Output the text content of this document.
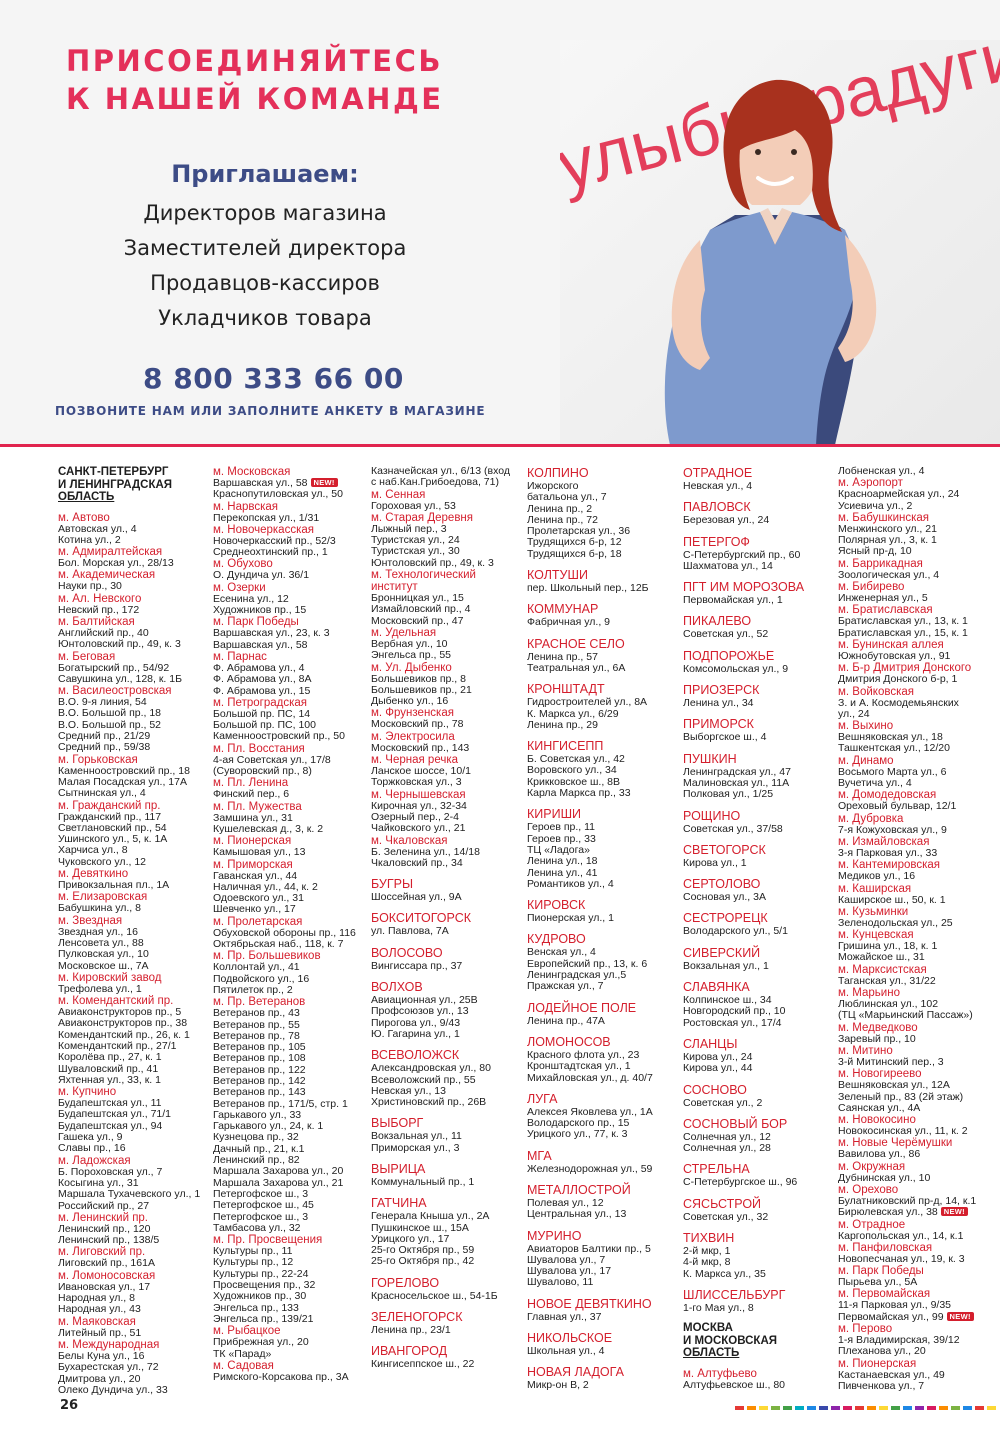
ПРИСОЕДИНЯЙТЕСЬ
К НАШЕЙ КОМАНДЕ
Приглашаем:
Директоров магазина
Заместителей директора
Продавцов-кассиров
Укладчиков товара
8 800 333 66 00
ПОЗВОНИТЕ НАМ ИЛИ ЗАПОЛНИТЕ АНКЕТУ В МАГАЗИНЕ
улыбка радуги
САНКТ-ПЕТЕРБУРГ
И ЛЕНИНГРАДСКАЯ
ОБЛАСТЬ
м. Автово
Автовская ул., 4
Котина ул., 2
м. Адмиралтейская
Бол. Морская ул., 28/13
м. Академическая
Науки пр., 30
м. Ал. Невского
Невский пр., 172
м. Балтийская
Английский пр., 40
Юнтоловский пр., 49, к. 3
м. Беговая
Богатырский пр., 54/92
Савушкина ул., 128, к. 1Б
м. Василеостровская
В.О. 9-я линия, 54
В.О. Большой пр., 18
В.О. Большой пр., 52
Средний пр., 21/29
Средний пр., 59/38
м. Горьковская
Каменноостровский пр., 18
Малая Посадская ул., 17А
Сытнинская ул., 4
м. Гражданский пр.
Гражданский пр., 117
Светлановский пр., 54
Ушинского ул., 5, к. 1А
Харчиса ул., 8
Чуковского ул., 12
м. Девяткино
Привокзальная пл., 1А
м. Елизаровская
Бабушкина ул., 8
м. Звездная
Звездная ул., 16
Ленсовета ул., 88
Пулковская ул., 10
Московское ш., 7А
м. Кировский завод
Трефолева ул., 1
м. Комендантский пр.
Авиаконструкторов пр., 5
Авиаконструкторов пр., 38
Комендантский пр., 26, к. 1
Комендантский пр., 27/1
Королёва пр., 27, к. 1
Шуваловский пр., 41
Яхтенная ул., 33, к. 1
м. Купчино
Будапештская ул., 11
Будапештская ул., 71/1
Будапештская ул., 94
Гашека ул., 9
Славы пр., 16
м. Ладожская
Б. Пороховская ул., 7
Косыгина ул., 31
Маршала Тухачевского ул., 1
Российский пр., 27
м. Ленинский пр.
Ленинский пр., 120
Ленинский пр., 138/5
м. Лиговский пр.
Лиговский пр., 161А
м. Ломоносовская
Ивановская ул., 17
Народная ул., 8
Народная ул., 43
м. Маяковская
Литейный пр., 51
м. Международная
Белы Куна ул., 16
Бухарестская ул., 72
Дмитрова ул., 20
Олеко Дундича ул., 33
м. Московская
Варшавская ул., 58 NEW!
Краснопутиловская ул., 50
м. Нарвская
Перекопская ул., 1/31
м. Новочеркасская
Новочеркасский пр., 52/3
Среднеохтинский пр., 1
м. Обухово
О. Дундича ул. 36/1
м. Озерки
Есенина ул., 12
Художников пр., 15
м. Парк Победы
Варшавская ул., 23, к. 3
Варшавская ул., 58
м. Парнас
Ф. Абрамова ул., 4
Ф. Абрамова ул., 8А
Ф. Абрамова ул., 15
м. Петроградская
Большой пр. ПС, 14
Большой пр. ПС, 100
Каменноостровский пр., 50
м. Пл. Восстания
4-ая Советская ул., 17/8
(Суворовский пр., 8)
м. Пл. Ленина
Финский пер., 6
м. Пл. Мужества
Замшина ул., 31
Кушелевская д., 3, к. 2
м. Пионерская
Камышовая ул., 13
м. Приморская
Гаванская ул., 44
Наличная ул., 44, к. 2
Одоевского ул., 31
Шевченко ул., 17
м. Пролетарская
Обуховской обороны пр., 116
Октябрьская наб., 118, к. 7
м. Пр. Большевиков
Коллонтай ул., 41
Подвойского ул., 16
Пятилеток пр., 2
м. Пр. Ветеранов
Ветеранов пр., 43
Ветеранов пр., 55
Ветеранов пр., 78
Ветеранов пр., 105
Ветеранов пр., 108
Ветеранов пр., 122
Ветеранов пр., 142
Ветеранов пр., 143
Ветеранов пр., 171/5, стр. 1
Гарькавого ул., 33
Гарькавого ул., 24, к. 1
Кузнецова пр., 32
Дачный пр., 21, к.1
Ленинский пр., 82
Маршала Захарова ул., 20
Маршала Захарова ул., 21
Петергофское ш., 3
Петергофское ш., 45
Петергофское ш., 3
Тамбасова ул., 32
м. Пр. Просвещения
Культуры пр., 11
Культуры пр., 12
Культуры пр., 22-24
Просвещения пр., 32
Художников пр., 30
Энгельса пр., 133
Энгельса пр., 139/21
м. Рыбацкое
Прибрежная ул., 20
ТК «Парад»
м. Садовая
Римского-Корсакова пр., 3А
Казначейская ул., 6/13 (вход
с наб.Кан.Грибоедова, 71)
м. Сенная
Гороховая ул., 53
м. Старая Деревня
Лыжный пер., 3
Туристская ул., 24
Туристская ул., 30
Юнтоловский пр., 49, к. 3
м. Технологический
институт
Бронницкая ул., 15
Измайловский пр., 4
Московский пр., 47
м. Удельная
Вербная ул., 10
Энгельса пр., 55
м. Ул. Дыбенко
Большевиков пр., 8
Большевиков пр., 21
Дыбенко ул., 16
м. Фрунзенская
Московский пр., 78
м. Электросила
Московский пр., 143
м. Черная речка
Ланское шоссе, 10/1
Торжковская ул., 3
м. Чернышевская
Кирочная ул., 32-34
Озерный пер., 2-4
Чайковского ул., 21
м. Чкаловская
Б. Зеленина ул., 14/18
Чкаловский пр., 34
БУГРЫ
Шоссейная ул., 9А
БОКСИТОГОРСК
ул. Павлова, 7А
ВОЛОСОВО
Вингиссара пр., 37
ВОЛХОВ
Авиационная ул., 25В
Профсоюзов ул., 13
Пирогова ул., 9/43
Ю. Гагарина ул., 1
ВСЕВОЛОЖСК
Александровская ул., 80
Всеволожский пр., 55
Невская ул., 13
Христиновский пр., 26В
ВЫБОРГ
Вокзальная ул., 11
Приморская ул., 3
ВЫРИЦА
Коммунальный пр., 1
ГАТЧИНА
Генерала Кныша ул., 2А
Пушкинское ш., 15А
Урицкого ул., 17
25-го Октября пр., 59
25-го Октября пр., 42
ГОРЕЛОВО
Красносельское ш., 54-1Б
ЗЕЛЕНОГОРСК
Ленина пр., 23/1
ИВАНГОРОД
Кингисеппское ш., 22
КОЛПИНО
Ижорского
батальона ул., 7
Ленина пр., 2
Ленина пр., 72
Пролетарская ул., 36
Трудящихся б-р, 12
Трудящихся б-р, 18
КОЛТУШИ
пер. Школьный пер., 12Б
КОММУНАР
Фабричная ул., 9
КРАСНОЕ СЕЛО
Ленина пр., 57
Театральная ул., 6А
КРОНШТАДТ
Гидростроителей ул., 8А
К. Маркса ул., 6/29
Ленина пр., 29
КИНГИСЕПП
Б. Советская ул., 42
Воровского ул., 34
Крикковское ш., 8В
Карла Маркса пр., 33
КИРИШИ
Героев пр., 11
Героев пр., 33
ТЦ «Ладога»
Ленина ул., 18
Ленина ул., 41
Романтиков ул., 4
КИРОВСК
Пионерская ул., 1
КУДРОВО
Венская ул., 4
Европейский пр., 13, к. 6
Ленинградская ул.,5
Пражская ул., 7
ЛОДЕЙНОЕ ПОЛЕ
Ленина пр., 47А
ЛОМОНОСОВ
Красного флота ул., 23
Кронштадтская ул., 1
Михайловская ул., д. 40/7
ЛУГА
Алексея Яковлева ул., 1А
Володарского пр., 15
Урицкого ул., 77, к. 3
МГА
Железнодорожная ул., 59
МЕТАЛЛОСТРОЙ
Полевая ул., 12
Центральная ул., 13
МУРИНО
Авиаторов Балтики пр., 5
Шувалова ул., 7
Шувалова ул., 17
Шувалово, 11
НОВОЕ ДЕВЯТКИНО
Главная ул., 37
НИКОЛЬСКОЕ
Школьная ул., 4
НОВАЯ ЛАДОГА
Микр-он В, 2
ОТРАДНОЕ
Невская ул., 4
ПАВЛОВСК
Березовая ул., 24
ПЕТЕРГОФ
С-Петербургский пр., 60
Шахматова ул., 14
ПГТ ИМ МОРОЗОВА
Первомайская ул., 1
ПИКАЛЕВО
Советская ул., 52
ПОДПОРОЖЬЕ
Комсомольская ул., 9
ПРИОЗЕРСК
Ленина ул., 34
ПРИМОРСК
Выборгское ш., 4
ПУШКИН
Ленинградская ул., 47
Малиновская ул., 11А
Полковая ул., 1/25
РОЩИНО
Советская ул., 37/58
СВЕТОГОРСК
Кирова ул., 1
СЕРТОЛОВО
Сосновая ул., 3А
СЕСТРОРЕЦК
Володарского ул., 5/1
СИВЕРСКИЙ
Вокзальная ул., 1
СЛАВЯНКА
Колпинское ш., 34
Новгородский пр., 10
Ростовская ул., 17/4
СЛАНЦЫ
Кирова ул., 24
Кирова ул., 44
СОСНОВО
Советская ул., 2
СОСНОВЫЙ БОР
Солнечная ул., 12
Солнечная ул., 28
СТРЕЛЬНА
С-Петербургское ш., 96
СЯСЬСТРОЙ
Советская ул., 32
ТИХВИН
2-й мкр, 1
4-й мкр, 8
К. Маркса ул., 35
ШЛИССЕЛЬБУРГ
1-го Мая ул., 8
МОСКВА
И МОСКОВСКАЯ
ОБЛАСТЬ
м. Алтуфьево
Алтуфьевское ш., 80
Лобненская ул., 4
м. Аэропорт
Красноармейская ул., 24
Усиевича ул., 2
м. Бабушкинская
Менжинского ул., 21
Полярная ул., 3, к. 1
Ясный пр-д, 10
м. Баррикадная
Зоологическая ул., 4
м. Бибирево
Инженерная ул., 5
м. Братиславская
Братиславская ул., 13, к. 1
Братиславская ул., 15, к. 1
м. Бунинская аллея
Южнобутовская ул., 91
м. Б-р Дмитрия Донского
Дмитрия Донского б-р, 1
м. Войковская
З. и А. Космодемьянских
ул., 24
м. Выхино
Вешняковская ул., 18
Ташкентская ул., 12/20
м. Динамо
Восьмого Марта ул., 6
Вучетича ул., 4
м. Домодедовская
Ореховый бульвар, 12/1
м. Дубровка
7-я Кожуховская ул., 9
м. Измайловская
3-я Парковая ул., 33
м. Кантемировская
Медиков ул., 16
м. Каширская
Каширское ш., 50, к. 1
м. Кузьминки
Зеленодольская ул., 25
м. Кунцевская
Гришина ул., 18, к. 1
Можайское ш., 31
м. Марксистская
Таганская ул., 31/22
м. Марьино
Люблинская ул., 102
(ТЦ «Марьинский Пассаж»)
м. Медведково
Заревый пр., 10
м. Митино
3-й Митинский пер., 3
м. Новогиреево
Вешняковская ул., 12А
Зеленый пр., 83 (2й этаж)
Саянская ул., 4А
м. Новокосино
Новокосинская ул., 11, к. 2
м. Новые Черёмушки
Вавилова ул., 86
м. Окружная
Дубнинская ул., 10
м. Орехово
Булатниковский пр-д, 14, к.1
Бирюлевская ул., 38 NEW!
м. Отрадное
Каргопольская ул., 14, к.1
м. Панфиловская
Новопесчаная ул., 19, к. 3
м. Парк Победы
Пырьева ул., 5А
м. Первомайская
11-я Парковая ул., 9/35
Первомайская ул., 99 NEW!
м. Перово
1-я Владимирская, 39/12
Плеханова ул., 20
м. Пионерская
Кастанаевская ул., 49
Пивченкова ул., 7
26
